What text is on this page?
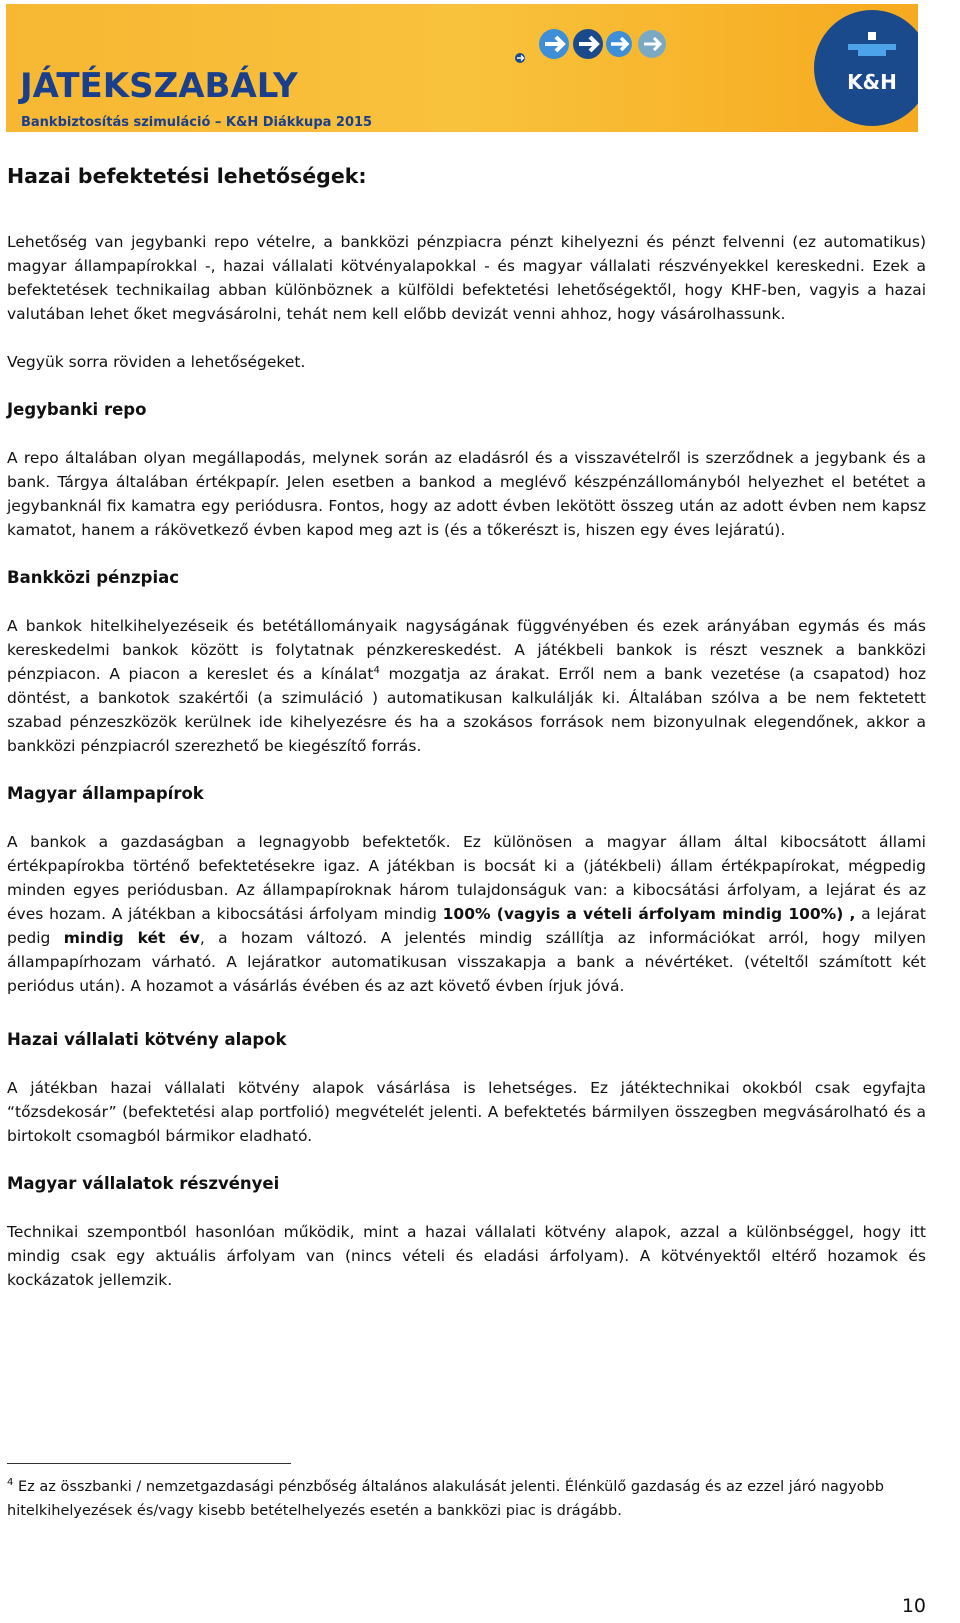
JÁTÉKSZABÁLY
Bankbiztosítás szimuláció – K&H Diákkupa 2015
K&H
Hazai befektetési lehetőségek:

Lehetőség van jegybanki repo vételre, a bankközi pénzpiacra pénzt kihelyezni és pénzt felvenni (ez automatikus) magyar állampapírokkal -, hazai vállalati kötvényalapokkal - és magyar vállalati részvényekkel kereskedni. Ezek a befektetések technikailag abban különböznek a külföldi befektetési lehetőségektől, hogy KHF-ben, vagyis a hazai valutában lehet őket megvásárolni, tehát nem kell előbb devizát venni ahhoz, hogy vásárolhassunk.

Vegyük sorra röviden a lehetőségeket.

Jegybanki repo

A repo általában olyan megállapodás, melynek során az eladásról és a visszavételről is szerződnek a jegybank és a bank. Tárgya általában értékpapír. Jelen esetben a bankod a meglévő készpénzállományból helyezhet el betétet a jegybanknál fix kamatra egy periódusra. Fontos, hogy az adott évben lekötött összeg után az adott évben nem kapsz kamatot, hanem a rákövetkező évben kapod meg azt is (és a tőkerészt is, hiszen egy éves lejáratú).

Bankközi pénzpiac

A bankok hitelkihelyezéseik és betétállományaik nagyságának függvényében és ezek arányában egymás és más kereskedelmi bankok között is folytatnak pénzkereskedést. A játékbeli bankok is részt vesznek a bankközi pénzpiacon. A piacon a kereslet és a kínálat$^4$ mozgatja az árakat. Erről nem a bank vezetése (a csapatod) hoz döntést, a bankotok szakértői (a szimuláció ) automatikusan kalkulálják ki. Általában szólva a be nem fektetett szabad pénzeszközök kerülnek ide kihelyezésre és ha a szokásos források nem bizonyulnak elegendőnek, akkor a bankközi pénzpiacról szerezhető be kiegészítő forrás.

Magyar állampapírok

A bankok a gazdaságban a legnagyobb befektetők. Ez különösen a magyar állam által kibocsátott állami értékpapírokba történő befektetésekre igaz. A játékban is bocsát ki a (játékbeli) állam értékpapírokat, mégpedig minden egyes periódusban. Az állampapíroknak három tulajdonságuk van: a kibocsátási árfolyam, a lejárat és az éves hozam. A játékban a kibocsátási árfolyam mindig 100% (vagyis a vételi árfolyam mindig 100%) , a lejárat pedig mindig két év, a hozam változó. A jelentés mindig szállítja az információkat arról, hogy milyen állampapírhozam várható. A lejáratkor automatikusan visszakapja a bank a névértéket. (vételtől számított két periódus után). A hozamot a vásárlás évében és az azt követő évben írjuk jóvá.

Hazai vállalati kötvény alapok

A játékban hazai vállalati kötvény alapok vásárlása is lehetséges. Ez játéktechnikai okokból csak egyfajta “tőzsdekosár” (befektetési alap portfolió) megvételét jelenti. A befektetés bármilyen összegben megvásárolható és a birtokolt csomagból bármikor eladható.

Magyar vállalatok részvényei

Technikai szempontból hasonlóan működik, mint a hazai vállalati kötvény alapok, azzal a különbséggel, hogy itt mindig csak egy aktuális árfolyam van (nincs vételi és eladási árfolyam). A kötvényektől eltérő hozamok és kockázatok jellemzik.

$^4$ Ez az összbanki / nemzetgazdasági pénzbőség általános alakulását jelenti. Élénkülő gazdaság és az ezzel járó nagyobb hitelkihelyezések és/vagy kisebb betételhelyezés esetén a bankközi piac is drágább.

10
